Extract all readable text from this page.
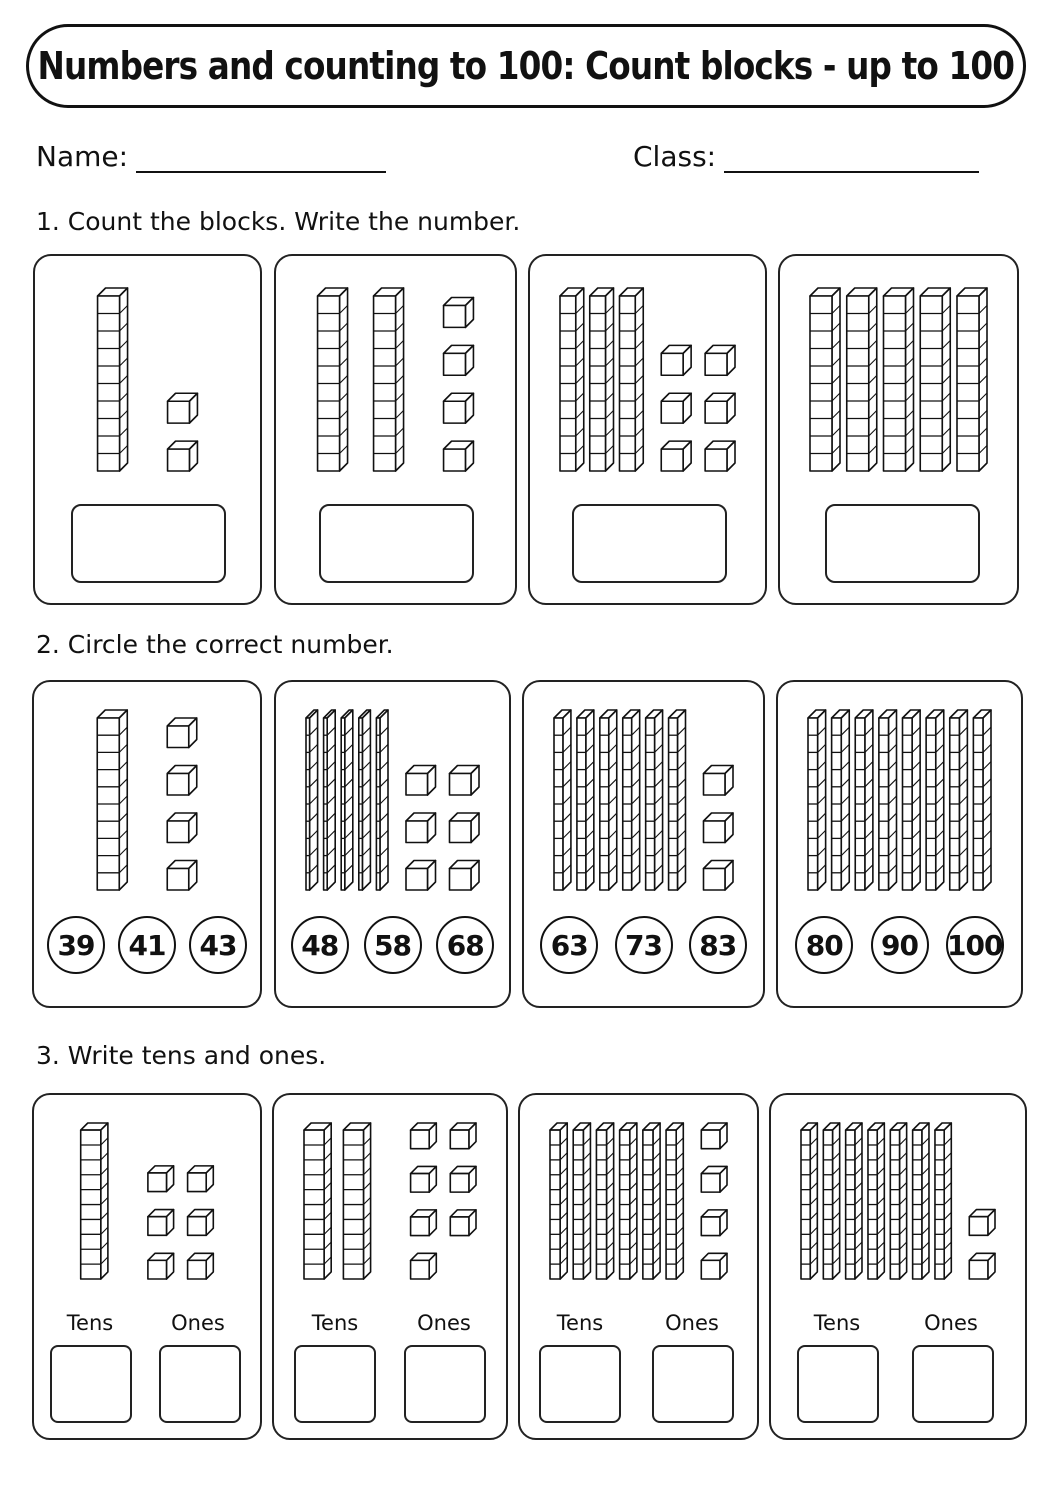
Numbers and counting to 100: Count blocks - up to 100
Name:	Class:
1. Count the blocks. Write the number.
2. Circle the correct number.
3. Write tens and ones.
39	41	43	48	58	68	63	73	83	80	90	100
Tens	Ones	Tens	Ones	Tens	Ones	Tens	Ones
